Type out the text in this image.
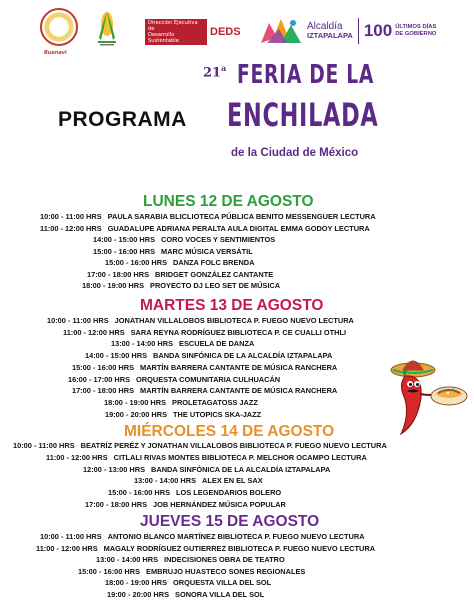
Buenavi
Dirección Ejecutiva de
Desarrollo Sustentable
DEDS	Alcaldía
IZTAPALAPA 100 ÚLTIMOS DÍAS
DE GOBIERNO
PROGRAMA
21$^a$ FERIA DE LA
ENCHILADA
de la Ciudad de México
LUNES 12 DE AGOSTO
10:00 - 11:00 HRS PAULA SARABIA BLICLIOTECA PÚBLICA BENITO MESSENGUER LECTURA
11:00 - 12:00 HRS GUADALUPE ADRIANA PERALTA AULA DIGITAL EMMA GODOY LECTURA
14:00 - 15:00 HRS CORO VOCES Y SENTIMIENTOS
15:00 - 16:00 HRS MARC MÚSICA VERSÁTIL
15:00 - 16:00 HRS DANZA FOLC BRENDA
17:00 - 18:00 HRS BRIDGET GONZÁLEZ CANTANTE
18:00 - 19:00 HRS PROYECTO DJ LEO SET DE MÚSICA
MARTES 13 DE AGOSTO
10:00 - 11:00 HRS JONATHAN VILLALOBOS BIBLIOTECA P. FUEGO NUEVO LECTURA
11:00 - 12:00 HRS SARA REYNA RODRÍGUEZ BIBLIOTECA P. CE CUALLI OTHLI
13:00 - 14:00 HRS ESCUELA DE DANZA
14:00 - 15:00 HRS BANDA SINFÓNICA DE LA ALCALDÍA IZTAPALAPA
15:00 - 16:00 HRS MARTÍN BARRERA CANTANTE DE MÚSICA RANCHERA
16:00 - 17:00 HRS ORQUESTA COMUNITARIA CULHUACÁN
17:00 - 18:00 HRS MARTÍN BARRERA CANTANTE DE MÚSICA RANCHERA
18:00 - 19:00 HRS PROLETAGATOSS JAZZ
19:00 - 20:00 HRS THE UTOPICS SKA-JAZZ
MIÉRCOLES 14 DE AGOSTO
10:00 - 11:00 HRS BEATRÍZ PERÉZ Y JONATHAN VILLALOBOS BIBLIOTECA P. FUEGO NUEVO LECTURA
11:00 - 12:00 HRS CITLALI RIVAS MONTES BIBLIOTECA P. MELCHOR OCAMPO LECTURA
12:00 - 13:00 HRS BANDA SINFÓNICA DE LA ALCALDÍA IZTAPALAPA
13:00 - 14:00 HRS ALEX EN EL SAX
15:00 - 16:00 HRS LOS LEGENDARIOS BOLERO
17:00 - 18:00 HRS JOB HERNÁNDEZ MÚSICA POPULAR
JUEVES 15 DE AGOSTO
10:00 - 11:00 HRS ANTONIO BLANCO MARTÍNEZ BIBLIOTECA P. FUEGO NUEVO LECTURA
11:00 - 12:00 HRS MAGALY RODRÍGUEZ GUTIERREZ BIBLIOTECA P. FUEGO NUEVO LECTURA
13:00 - 14:00 HRS INDECISIONES OBRA DE TEATRO
15:00 - 16:00 HRS EMBRUJO HUASTECO SONES REGIONALES
18:00 - 19:00 HRS ORQUESTA VILLA DEL SOL
19:00 - 20:00 HRS SONORA VILLA DEL SOL
